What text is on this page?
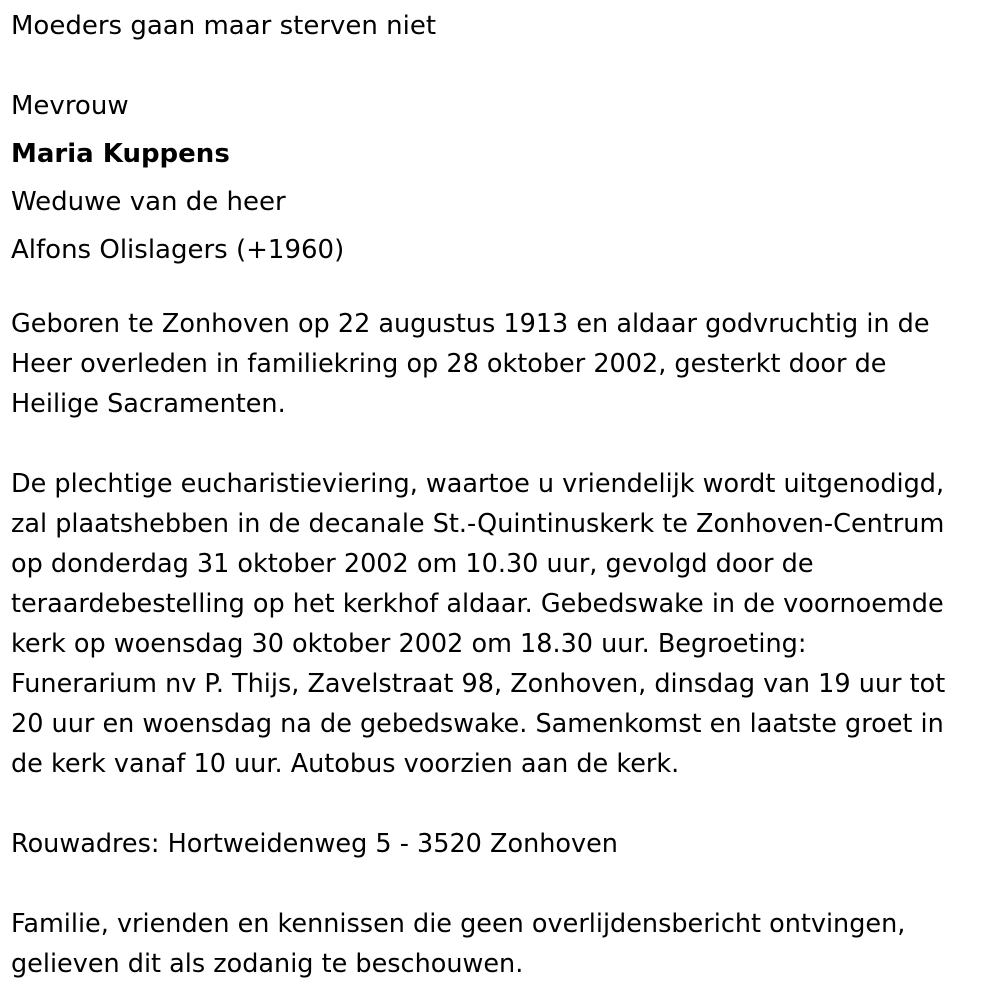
Moeders gaan maar sterven niet

Mevrouw

Maria Kuppens

Weduwe van de heer

Alfons Olislagers (+1960)

Geboren te Zonhoven op 22 augustus 1913 en aldaar godvruchtig in de
Heer overleden in familiekring op 28 oktober 2002, gesterkt door de
Heilige Sacramenten.

De plechtige eucharistieviering, waartoe u vriendelijk wordt uitgenodigd,
zal plaatshebben in de decanale St.-Quintinuskerk te Zonhoven-Centrum
op donderdag 31 oktober 2002 om 10.30 uur, gevolgd door de
teraardebestelling op het kerkhof aldaar. Gebedswake in de voornoemde
kerk op woensdag 30 oktober 2002 om 18.30 uur. Begroeting:
Funerarium nv P. Thijs, Zavelstraat 98, Zonhoven, dinsdag van 19 uur tot
20 uur en woensdag na de gebedswake. Samenkomst en laatste groet in
de kerk vanaf 10 uur. Autobus voorzien aan de kerk.

Rouwadres: Hortweidenweg 5 - 3520 Zonhoven

Familie, vrienden en kennissen die geen overlijdensbericht ontvingen,
gelieven dit als zodanig te beschouwen.
